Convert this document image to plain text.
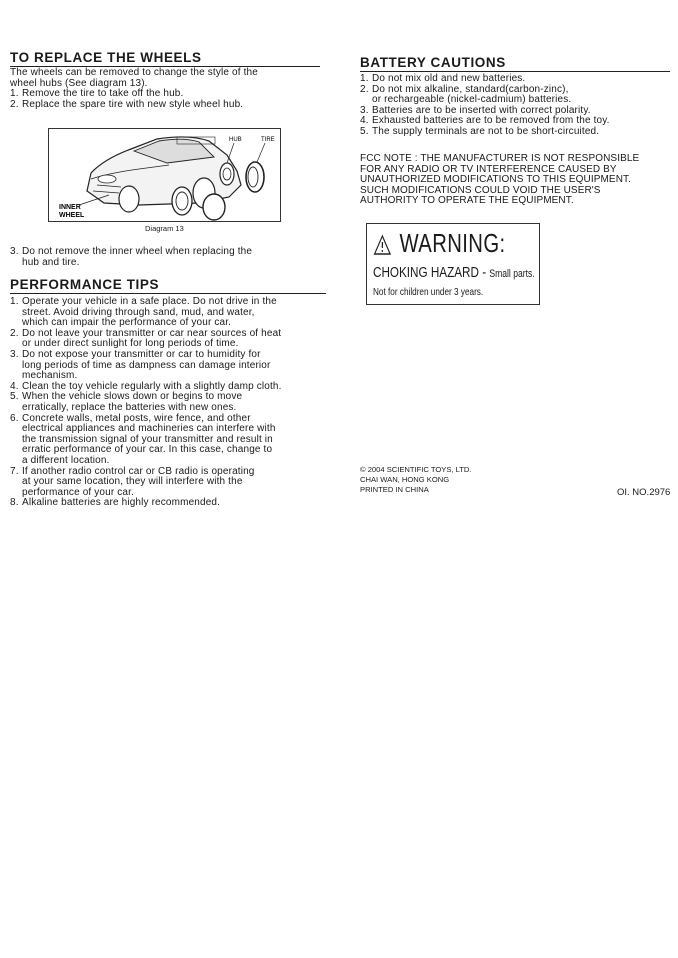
TO REPLACE THE WHEELS

The wheels can be removed to change the style of the

wheel hubs (See diagram 13).

1. Remove the tire to take off the hub.
2. Replace the spare tire with new style wheel hub.
HUB	TIRE
INNER
WHEEL
Diagram 13
3. Do not remove the inner wheel when replacing the
hub and tire.
PERFORMANCE TIPS
1. Operate your vehicle in a safe place. Do not drive in the
street. Avoid driving through sand, mud, and water,
which can impair the performance of your car.
2. Do not leave your transmitter or car near sources of heat
or under direct sunlight for long periods of time.
3. Do not expose your transmitter or car to humidity for
long periods of time as dampness can damage interior
mechanism.
4. Clean the toy vehicle regularly with a slightly damp cloth.
5. When the vehicle slows down or begins to move
erratically, replace the batteries with new ones.
6. Concrete walls, metal posts, wire fence, and other
electrical appliances and machineries can interfere with
the transmission signal of your transmitter and result in
erratic performance of your car. In this case, change to
a different location.
7. If another radio control car or CB radio is operating
at your same location, they will interfere with the
performance of your car.
8. Alkaline batteries are highly recommended.
BATTERY CAUTIONS
1. Do not mix old and new batteries.
2. Do not mix alkaline, standard(carbon-zinc),
or rechargeable (nickel-cadmium) batteries.
3. Batteries are to be inserted with correct polarity.
4. Exhausted batteries are to be removed from the toy.
5. The supply terminals are not to be short-circuited.

FCC NOTE : THE MANUFACTURER IS NOT RESPONSIBLE

FOR ANY RADIO OR TV INTERFERENCE CAUSED BY

UNAUTHORIZED MODIFICATIONS TO THIS EQUIPMENT.

SUCH MODIFICATIONS COULD VOID THE USER'S

AUTHORITY TO OPERATE THE EQUIPMENT.

WARNING:
CHOKING HAZARD - Small parts.
Not for children under 3 years.
© 2004 SCIENTIFIC TOYS, LTD.
CHAI WAN, HONG KONG
PRINTED IN CHINA	OI. NO.2976
